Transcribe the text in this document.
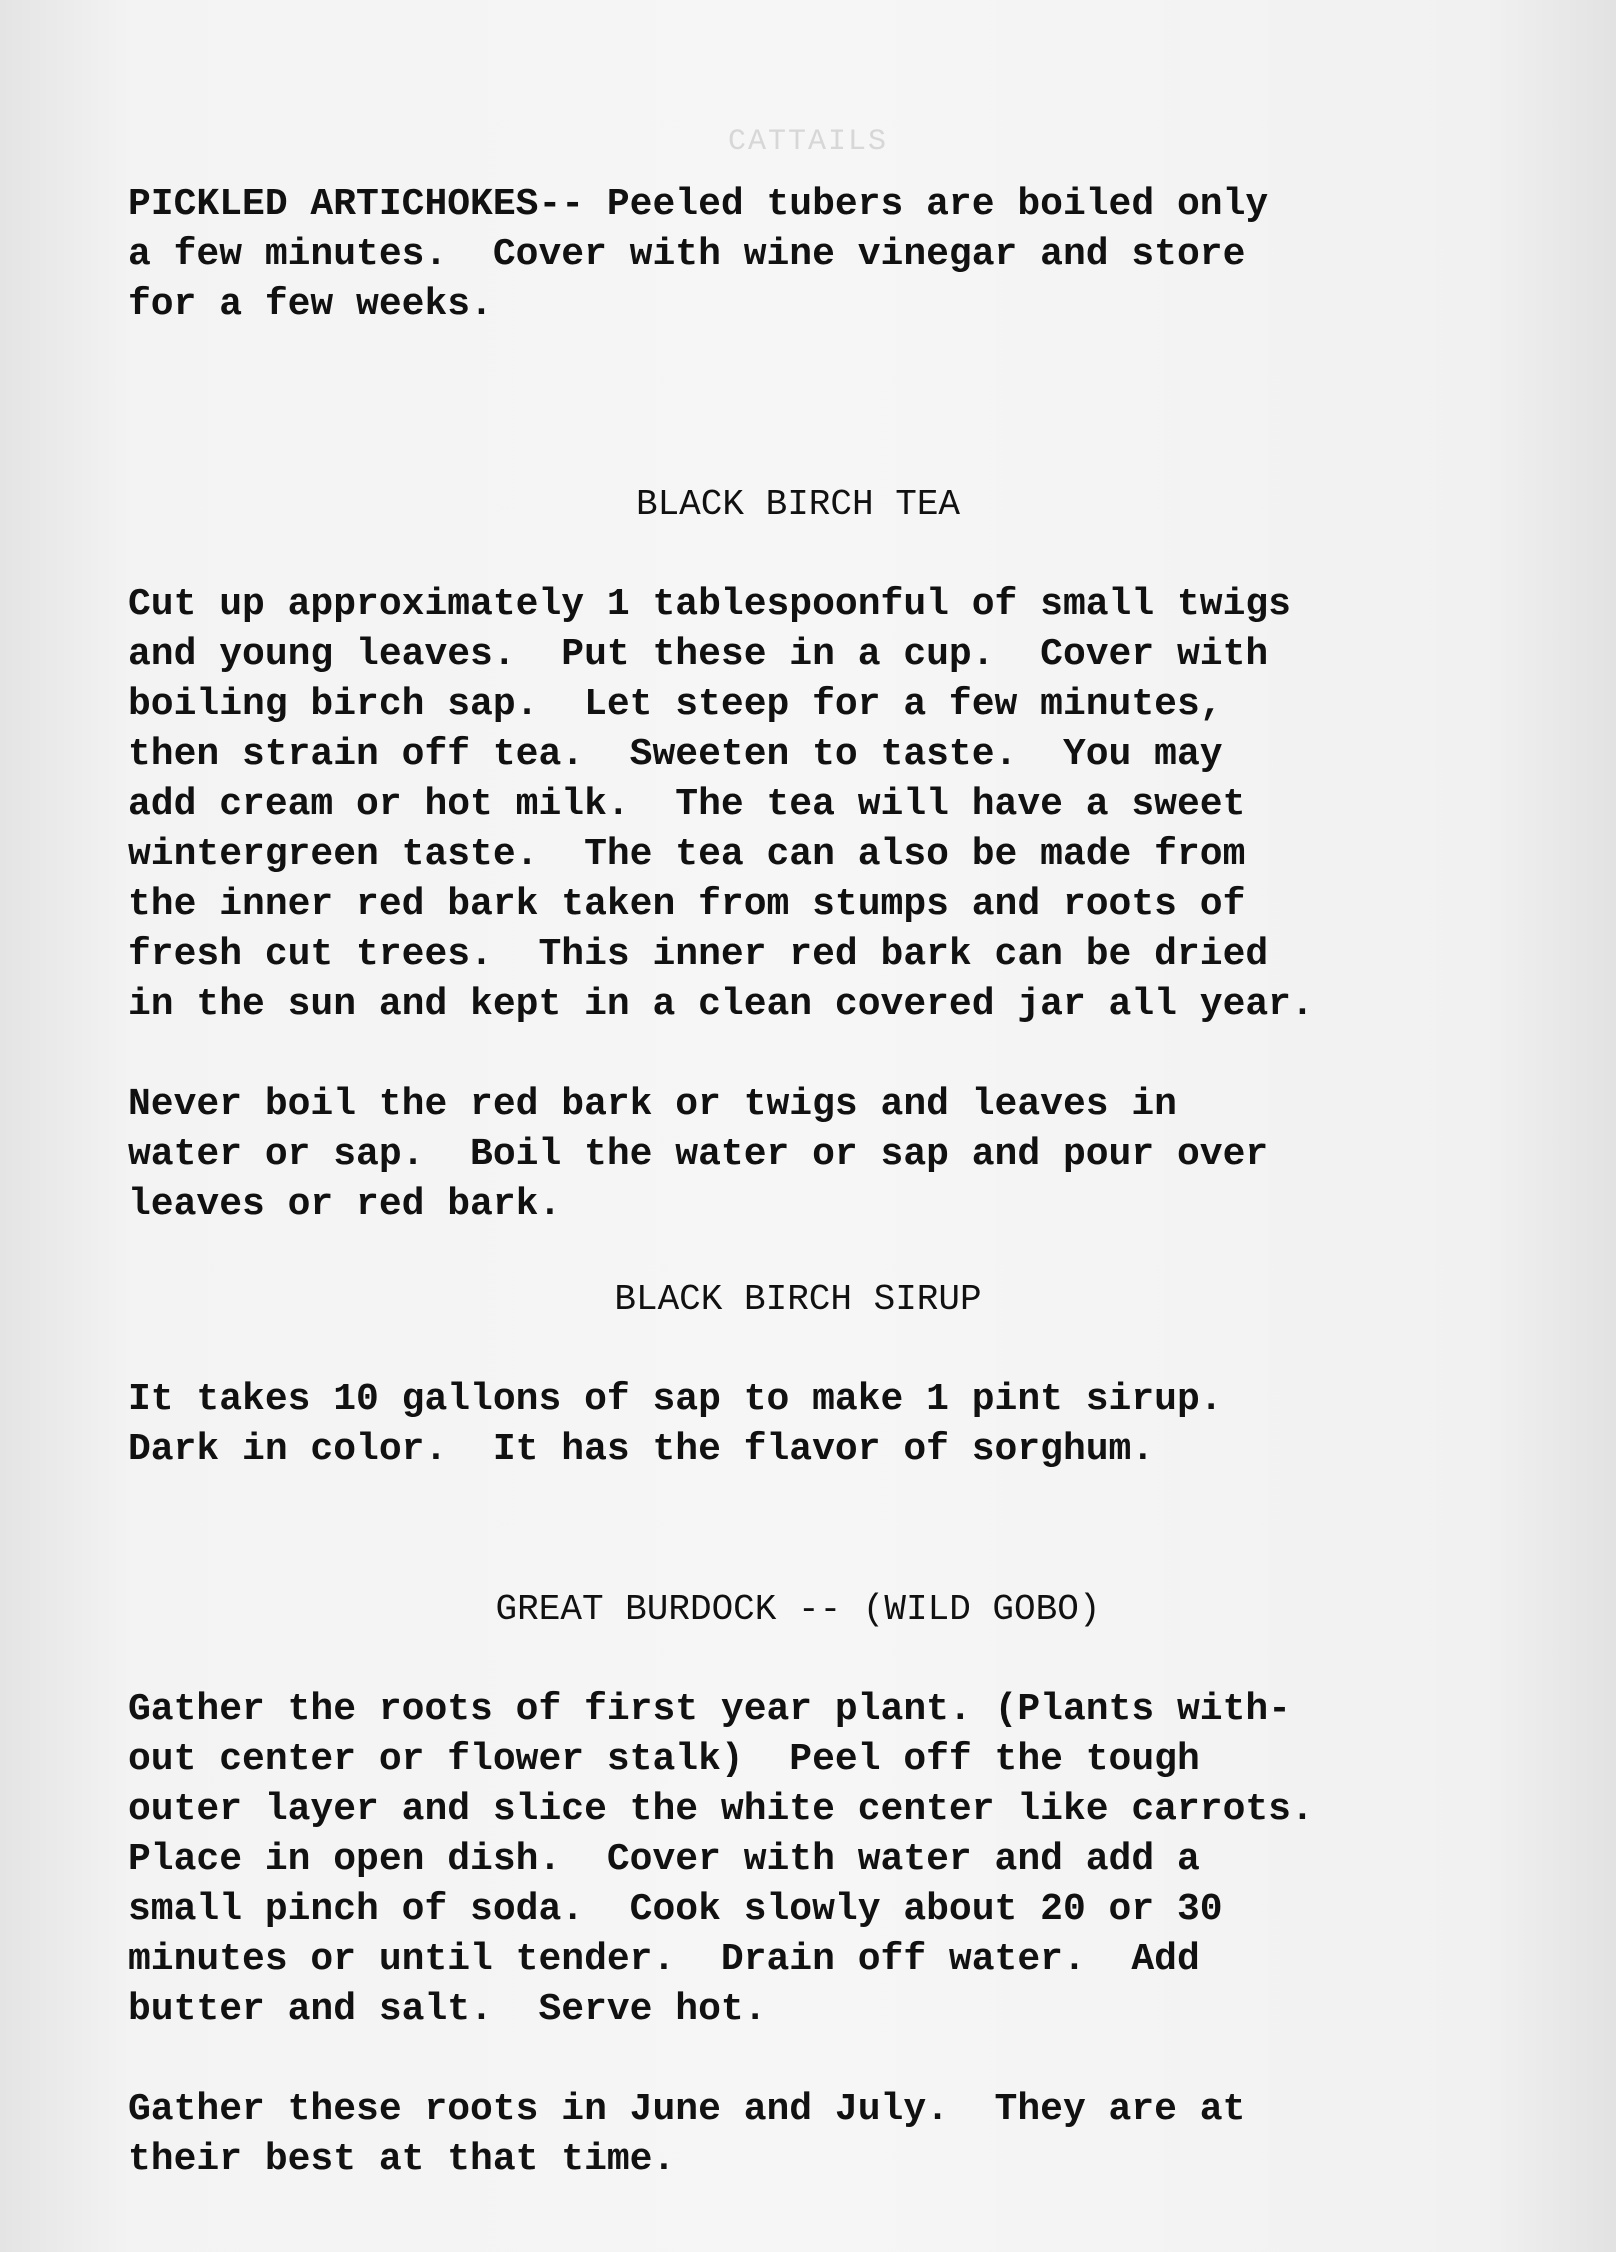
CATTAILS

PICKLED ARTICHOKES-- Peeled tubers are boiled only
a few minutes.  Cover with wine vinegar and store
for a few weeks.

BLACK BIRCH TEA

Cut up approximately 1 tablespoonful of small twigs
and young leaves.  Put these in a cup.  Cover with
boiling birch sap.  Let steep for a few minutes,
then strain off tea.  Sweeten to taste.  You may
add cream or hot milk.  The tea will have a sweet
wintergreen taste.  The tea can also be made from
the inner red bark taken from stumps and roots of
fresh cut trees.  This inner red bark can be dried
in the sun and kept in a clean covered jar all year.

Never boil the red bark or twigs and leaves in
water or sap.  Boil the water or sap and pour over
leaves or red bark.

BLACK BIRCH SIRUP

It takes 10 gallons of sap to make 1 pint sirup.
Dark in color.  It has the flavor of sorghum.

GREAT BURDOCK -- (WILD GOBO)

Gather the roots of first year plant. (Plants with-
out center or flower stalk)  Peel off the tough
outer layer and slice the white center like carrots.
Place in open dish.  Cover with water and add a
small pinch of soda.  Cook slowly about 20 or 30
minutes or until tender.  Drain off water.  Add
butter and salt.  Serve hot.

Gather these roots in June and July.  They are at
their best at that time.
